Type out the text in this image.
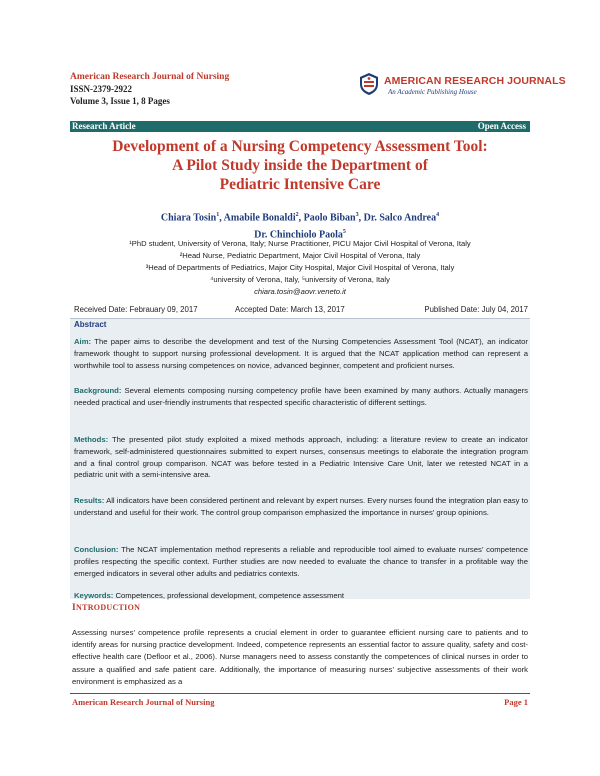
American Research Journal of Nursing
ISSN-2379-2922
Volume 3, Issue 1, 8 Pages
AMERICAN RESEARCH JOURNALS
An Academic Publishing House
Research Article	Open Access
Development of a Nursing Competency Assessment Tool:
A Pilot Study inside the Department of
Pediatric Intensive Care
Chiara Tosin$^1$, Amabile Bonaldi$^2$, Paolo Biban$^3$, Dr. Salco Andrea$^4$
Dr. Chinchiolo Paola$^5$
¹PhD student, University of Verona, Italy; Nurse Practitioner, PICU Major Civil Hospital of Verona, Italy
²Head Nurse, Pediatric Department, Major Civil Hospital of Verona, Italy
³Head of Departments of Pediatrics, Major City Hospital, Major Civil Hospital of Verona, Italy
⁴university of Verona, Italy, ⁵university of Verona, Italy
chiara.tosin@aovr.veneto.it
Received Date: Febrauary 09, 2017	Accepted Date: March 13, 2017	Published Date: July 04, 2017
Abstract
Aim: The paper aims to describe the development and test of the Nursing Competencies Assessment Tool (NCAT), an indicator framework thought to support nursing professional development. It is argued that the NCAT application method can represent a worthwhile tool to assess nursing competences on novice, advanced beginner, competent and proficient nurses.
Background: Several elements composing nursing competency profile have been examined by many authors. Actually managers needed practical and user-friendly instruments that respected specific characteristic of different settings.
Methods: The presented pilot study exploited a mixed methods approach, including: a literature review to create an indicator framework, self-administered questionnaires submitted to expert nurses, consensus meetings to elaborate the integration program and a final control group comparison. NCAT was before tested in a Pediatric Intensive Care Unit, later we retested NCAT in a pediatric unit with a semi-intensive area.
Results: All indicators have been considered pertinent and relevant by expert nurses. Every nurses found the integration plan easy to understand and useful for their work. The control group comparison emphasized the importance in nurses’ group opinions.
Conclusion: The NCAT implementation method represents a reliable and reproducible tool aimed to evaluate nurses’ competence profiles respecting the specific context. Further studies are now needed to evaluate the chance to transfer in a profitable way the emerged indicators in several other adults and pediatrics contexts.
Keywords: Competences, professional development, competence assessment
INTRODUCTION
Assessing nurses’ competence profile represents a crucial element in order to guarantee efficient nursing care to patients and to identify areas for nursing practice development. Indeed, competence represents an essential factor to assure quality, safety and cost-effective health care (Defloor et al., 2006). Nurse managers need to assess constantly the competences of clinical nurses in order to assure a qualified and safe patient care. Additionally, the importance of measuring nurses’ subjective assessments of their work environment is emphasized as a
American Research Journal of Nursing	Page 1
